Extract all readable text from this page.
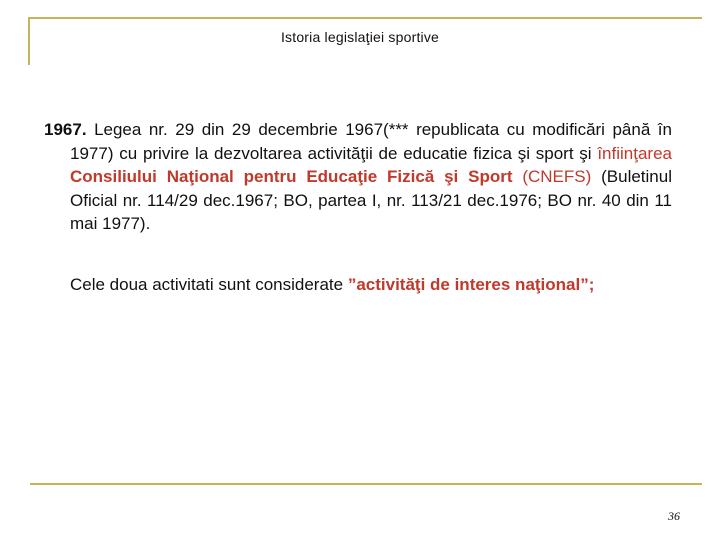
Istoria legislaţiei sportive
1967. Legea nr. 29 din 29 decembrie 1967(*** republicata cu modificări până în 1977) cu privire la dezvoltarea activităţii de educatie fizica şi sport şi înfiinţarea Consiliului Naţional pentru Educaţie Fizică şi Sport (CNEFS) (Buletinul Oficial nr. 114/29 dec.1967; BO, partea I, nr. 113/21 dec.1976; BO nr. 40 din 11 mai 1977).
Cele doua activitati sunt considerate ”activităţi de interes naţional”;
36
